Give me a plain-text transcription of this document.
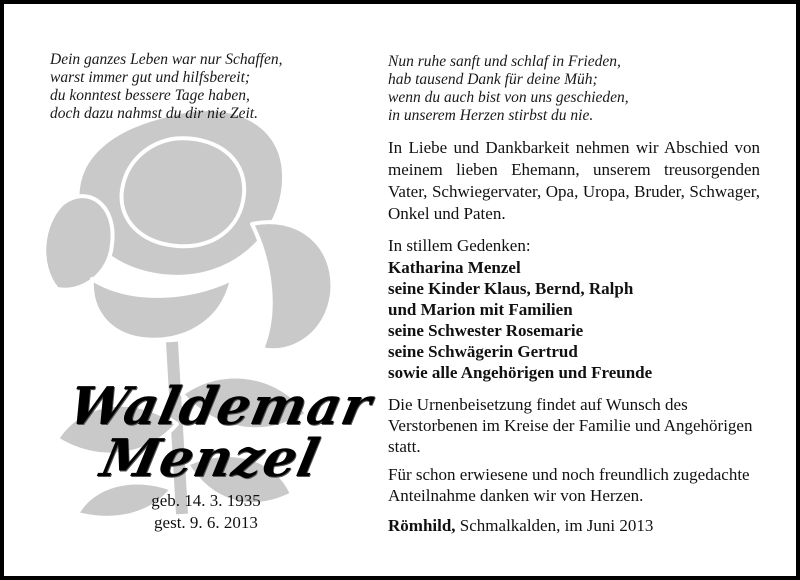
Dein ganzes Leben war nur Schaffen,
warst immer gut und hilfsbereit;
du konntest bessere Tage haben,
doch dazu nahmst du dir nie Zeit.
Nun ruhe sanft und schlaf in Frieden,
hab tausend Dank für deine Müh;
wenn du auch bist von uns geschieden,
in unserem Herzen stirbst du nie.
Waldemar
Menzel
geb. 14. 3. 1935
gest. 9. 6. 2013
In Liebe und Dankbarkeit nehmen wir Abschied von meinem lieben Ehemann, unserem treusorgenden Vater, Schwiegervater, Opa, Uropa, Bruder, Schwager, Onkel und Paten.
In stillem Gedenken:
Katharina Menzel
seine Kinder Klaus, Bernd, Ralph
und Marion mit Familien
seine Schwester Rosemarie
seine Schwägerin Gertrud
sowie alle Angehörigen und Freunde
Die Urnenbeisetzung findet auf Wunsch des Verstorbenen im Kreise der Familie und Angehörigen statt.
Für schon erwiesene und noch freundlich zugedachte Anteilnahme danken wir von Herzen.
Römhild, Schmalkalden, im Juni 2013
